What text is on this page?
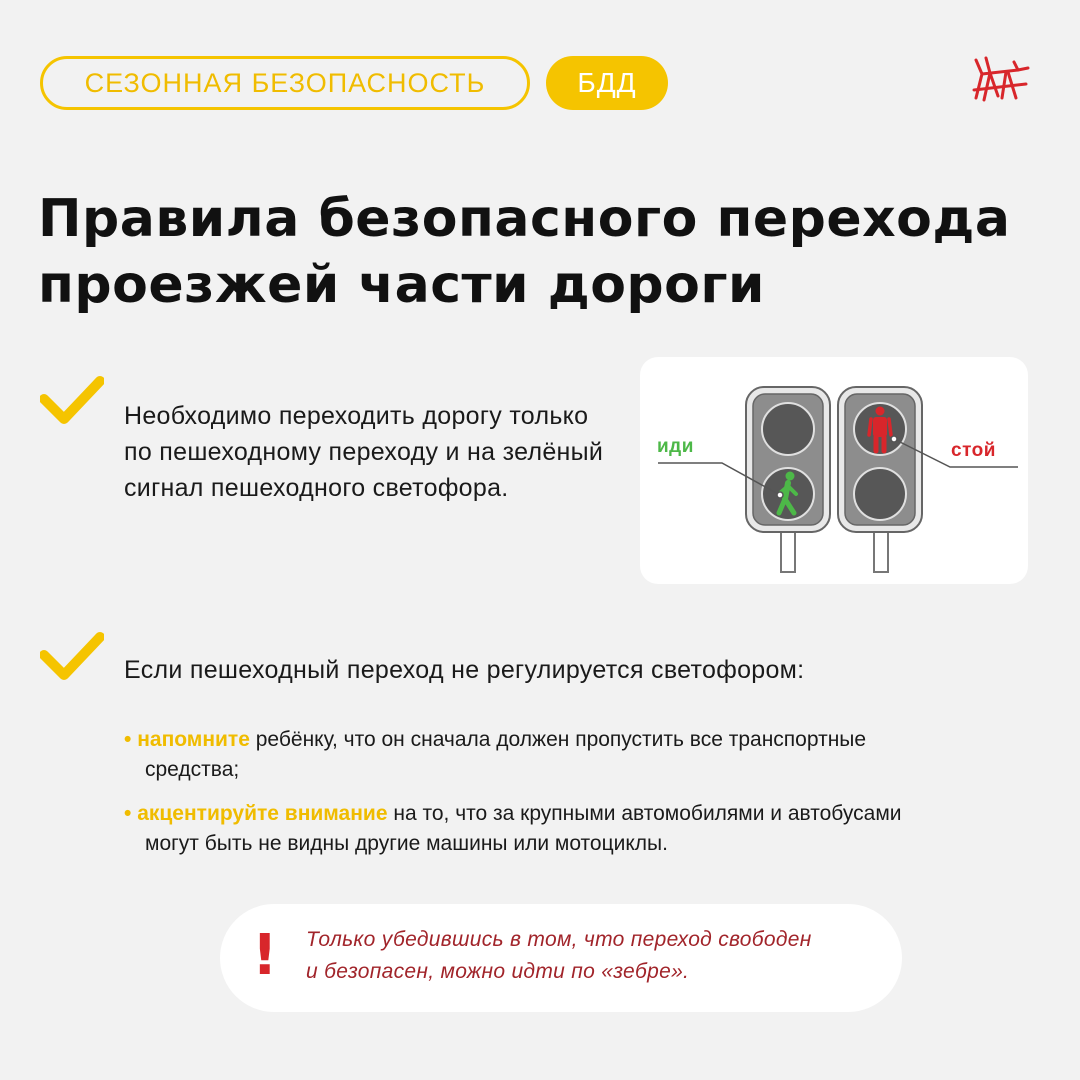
СЕЗОННАЯ БЕЗОПАСНОСТЬ	БДД
Правила безопасного перехода
проезжей части дороги
Необходимо переходить дорогу только по пешеходному переходу и на зелёный сигнал пешеходного светофора.
иди	стой
Если пешеходный переход не регулируется светофором:
• напомните ребёнку, что он сначала должен пропустить все транспортные
средства;
• акцентируйте внимание на то, что за крупными автомобилями и автобусами
могут быть не видны другие машины или мотоциклы.
! Только убедившись в том, что переход свободен
и безопасен, можно идти по «зебре».
